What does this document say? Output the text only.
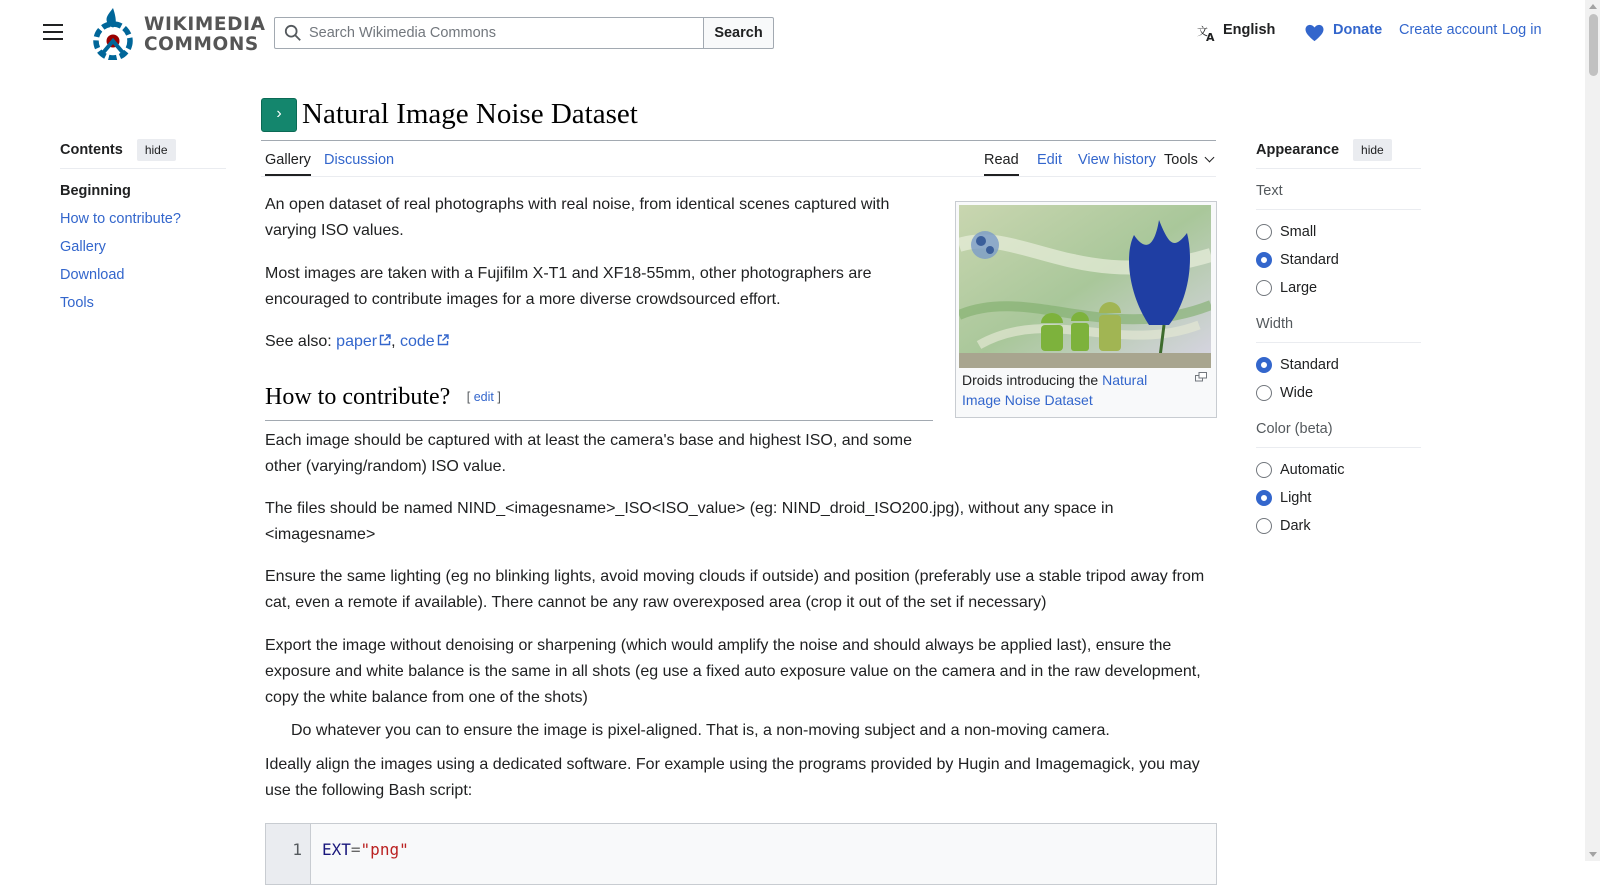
WIKIMEDIA
COMMONS
Search Wikimedia Commons
Search	文
A English	Donate Create account Log in
Contents	hide
Beginning
How to contribute?
Gallery
Download
Tools
› Natural Image Noise Dataset
Gallery Discussion	Read Edit View history Tools
Droids introducing the Natural Image Noise Dataset

An open dataset of real photographs with real noise, from identical scenes captured with varying ISO values.

Most images are taken with a Fujifilm X-T1 and XF18-55mm, other photographers are encouraged to contribute images for a more diverse crowdsourced effort.

See also: paper , code

How to contribute? [ edit ]

Each image should be captured with at least the camera's base and highest ISO, and some other (varying/random) ISO value.

The files should be named NIND_<imagesname>_ISO<ISO_value> (eg: NIND_droid_ISO200.jpg), without any space in <imagesname>

Ensure the same lighting (eg no blinking lights, avoid moving clouds if outside) and position (preferably use a stable tripod away from cat, even a remote if available). There cannot be any raw overexposed area (crop it out of the set if necessary)

Export the image without denoising or sharpening (which would amplify the noise and should always be applied last), ensure the exposure and white balance is the same in all shots (eg use a fixed auto exposure value on the camera and in the raw development, copy the white balance from one of the shots)

Do whatever you can to ensure the image is pixel-aligned. That is, a non-moving subject and a non-moving camera.

Ideally align the images using a dedicated software. For example using the programs provided by Hugin and Imagemagick, you may use the following Bash script:

1 EXT="png"
Appearance	hide
Text
Small
Standard
Large
Width
Standard
Wide
Color (beta)
Automatic
Light
Dark
